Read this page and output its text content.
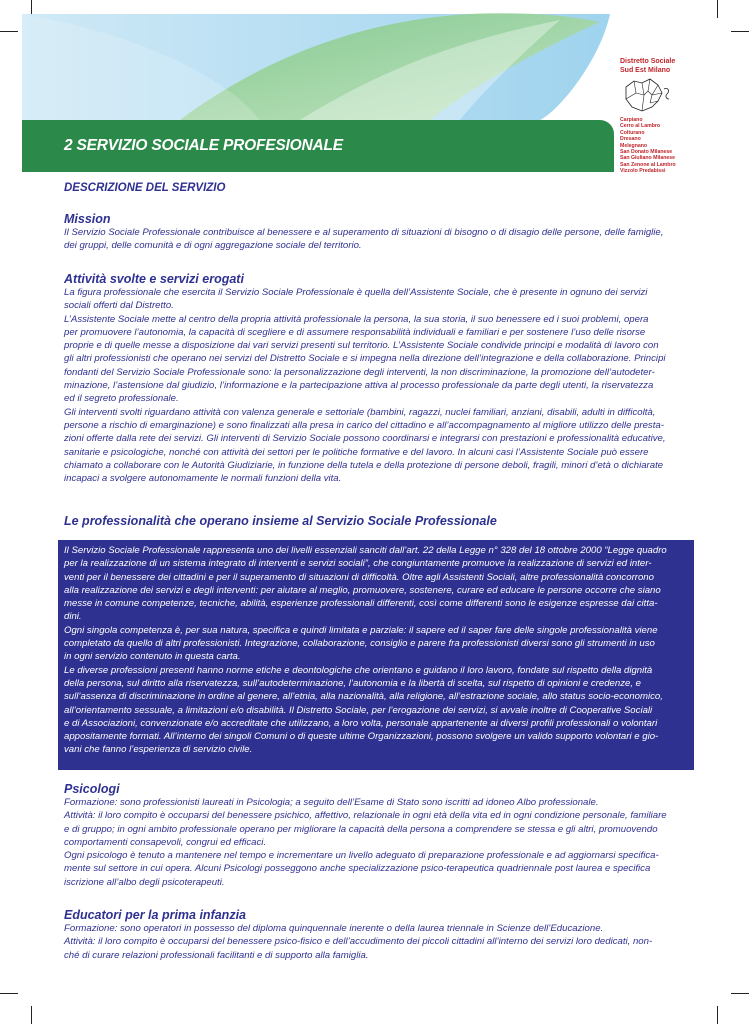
2 SERVIZIO SOCIALE PROFESIONALE
Distretto Sociale
Sud Est Milano
Carpiano
Cerro al Lambro
Colturano
Dresano
Melegnano
San Donato Milanese
San Giuliano Milanese
San Zenone al Lambro
Vizzolo Predabissi
DESCRIZIONE DEL SERVIZIO
Mission

Il Servizio Sociale Professionale contribuisce al benessere e al superamento di situazioni di bisogno o di disagio delle persone, delle famiglie,

dei gruppi, delle comunità e di ogni aggregazione sociale del territorio.

Attività svolte e servizi erogati

La figura professionale che esercita il Servizio Sociale Professionale è quella dell’Assistente Sociale, che è presente in ognuno dei servizi

sociali offerti dal Distretto.

L’Assistente Sociale mette al centro della propria attività professionale la persona, la sua storia, il suo benessere ed i suoi problemi, opera

per promuovere l’autonomia, la capacità di scegliere e di assumere responsabilità individuali e familiari e per sostenere l’uso delle risorse

proprie e di quelle messe a disposizione dai vari servizi presenti sul territorio. L’Assistente Sociale condivide principi e modalità di lavoro con

gli altri professionisti che operano nei servizi del Distretto Sociale e si impegna nella direzione dell’integrazione e della collaborazione. Principi

fondanti del Servizio Sociale Professionale sono: la personalizzazione degli interventi, la non discriminazione, la promozione dell’autodeter-

minazione, l’astensione dal giudizio, l’informazione e la partecipazione attiva al processo professionale da parte degli utenti, la riservatezza

ed il segreto professionale.

Gli interventi svolti riguardano attività con valenza generale e settoriale (bambini, ragazzi, nuclei familiari, anziani, disabili, adulti in difficoltà,

persone a rischio di emarginazione) e sono finalizzati alla presa in carico del cittadino e all’accompagnamento al migliore utilizzo delle presta-

zioni offerte dalla rete dei servizi. Gli interventi di Servizio Sociale possono coordinarsi e integrarsi con prestazioni e professionalità educative,

sanitarie e psicologiche, nonché con attività dei settori per le politiche formative e del lavoro. In alcuni casi l’Assistente Sociale può essere

chiamato a collaborare con le Autorità Giudiziarie, in funzione della tutela e della protezione di persone deboli, fragili, minori d’età o dichiarate

incapaci a svolgere autonomamente le normali funzioni della vita.

Le professionalità che operano insieme al Servizio Sociale Professionale

Il Servizio Sociale Professionale rappresenta uno dei livelli essenziali sanciti dall’art. 22 della Legge n° 328 del 18 ottobre 2000 “Legge quadro

per la realizzazione di un sistema integrato di interventi e servizi sociali”, che congiuntamente promuove la realizzazione di servizi ed inter-

venti per il benessere dei cittadini e per il superamento di situazioni di difficoltà. Oltre agli Assistenti Sociali, altre professionalità concorrono

alla realizzazione dei servizi e degli interventi: per aiutare al meglio, promuovere, sostenere, curare ed educare le persone occorre che siano

messe in comune competenze, tecniche, abilità, esperienze professionali differenti, così come differenti sono le esigenze espresse dai citta-

dini.

Ogni singola competenza è, per sua natura, specifica e quindi limitata e parziale: il sapere ed il saper fare delle singole professionalità viene

completato da quello di altri professionisti. Integrazione, collaborazione, consiglio e parere fra professionisti diversi sono gli strumenti in uso

in ogni servizio contenuto in questa carta.

Le diverse professioni presenti hanno norme etiche e deontologiche che orientano e guidano il loro lavoro, fondate sul rispetto della dignità

della persona, sul diritto alla riservatezza, sull’autodeterminazione, l’autonomia e la libertà di scelta, sul rispetto di opinioni e credenze, e

sull’assenza di discriminazione in ordine al genere, all’etnia, alla nazionalità, alla religione, all’estrazione sociale, allo status socio-economico,

all’orientamento sessuale, a limitazioni e/o disabilità. Il Distretto Sociale, per l’erogazione dei servizi, si avvale inoltre di Cooperative Sociali

e di Associazioni, convenzionate e/o accreditate che utilizzano, a loro volta, personale appartenente ai diversi profili professionali o volontari

appositamente formati. All’interno dei singoli Comuni o di queste ultime Organizzazioni, possono svolgere un valido supporto volontari e gio-

vani che fanno l’esperienza di servizio civile.

Psicologi

Formazione: sono professionisti laureati in Psicologia; a seguito dell’Esame di Stato sono iscritti ad idoneo Albo professionale.

Attività: il loro compito è occuparsi del benessere psichico, affettivo, relazionale in ogni età della vita ed in ogni condizione personale, familiare

e di gruppo; in ogni ambito professionale operano per migliorare la capacità della persona a comprendere se stessa e gli altri, promuovendo

comportamenti consapevoli, congrui ed efficaci.

Ogni psicologo è tenuto a mantenere nel tempo e incrementare un livello adeguato di preparazione professionale e ad aggiornarsi specifica-

mente sul settore in cui opera. Alcuni Psicologi posseggono anche specializzazione psico-terapeutica quadriennale post laurea e specifica

iscrizione all’albo degli psicoterapeuti.

Educatori per la prima infanzia

Formazione: sono operatori in possesso del diploma quinquennale inerente o della laurea triennale in Scienze dell’Educazione.

Attività: il loro compito è occuparsi del benessere psico-fisico e dell’accudimento dei piccoli cittadini all’interno dei servizi loro dedicati, non-

ché di curare relazioni professionali facilitanti e di supporto alla famiglia.
